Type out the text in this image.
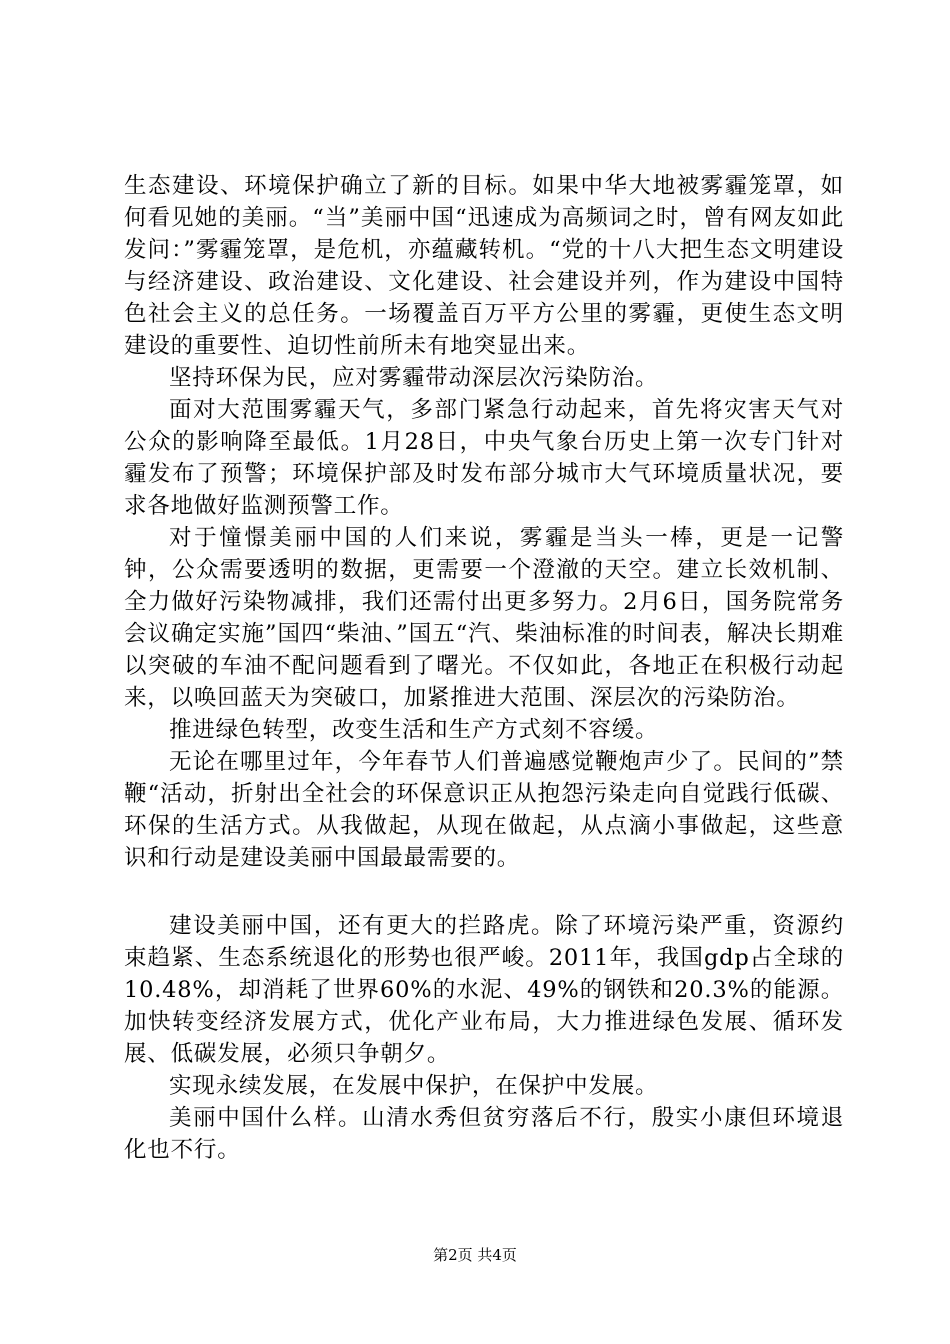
生态建设、环境保护确立了新的目标。如果中华大地被雾霾笼罩，如何看见她的美丽。“当”美丽中国“迅速成为高频词之时，曾有网友如此发问：”雾霾笼罩，是危机，亦蕴藏转机。“党的十八大把生态文明建设与经济建设、政治建设、文化建设、社会建设并列，作为建设中国特色社会主义的总任务。一场覆盖百万平方公里的雾霾，更使生态文明建设的重要性、迫切性前所未有地突显出来。

坚持环保为民，应对雾霾带动深层次污染防治。

面对大范围雾霾天气，多部门紧急行动起来，首先将灾害天气对公众的影响降至最低。1月28日，中央气象台历史上第一次专门针对霾发布了预警；环境保护部及时发布部分城市大气环境质量状况，要求各地做好监测预警工作。

对于憧憬美丽中国的人们来说，雾霾是当头一棒，更是一记警钟，公众需要透明的数据，更需要一个澄澈的天空。建立长效机制、全力做好污染物减排，我们还需付出更多努力。2月6日，国务院常务会议确定实施”国四“柴油、”国五“汽、柴油标准的时间表，解决长期难以突破的车油不配问题看到了曙光。不仅如此，各地正在积极行动起来，以唤回蓝天为突破口，加紧推进大范围、深层次的污染防治。

推进绿色转型，改变生活和生产方式刻不容缓。

无论在哪里过年，今年春节人们普遍感觉鞭炮声少了。民间的”禁鞭“活动，折射出全社会的环保意识正从抱怨污染走向自觉践行低碳、环保的生活方式。从我做起，从现在做起，从点滴小事做起，这些意识和行动是建设美丽中国最最需要的。

建设美丽中国，还有更大的拦路虎。除了环境污染严重，资源约束趋紧、生态系统退化的形势也很严峻。2011年，我国gdp占全球的10.48%，却消耗了世界60%的水泥、49%的钢铁和20.3%的能源。加快转变经济发展方式，优化产业布局，大力推进绿色发展、循环发展、低碳发展，必须只争朝夕。

实现永续发展，在发展中保护，在保护中发展。

美丽中国什么样。山清水秀但贫穷落后不行，殷实小康但环境退化也不行。

第2页 共4页
